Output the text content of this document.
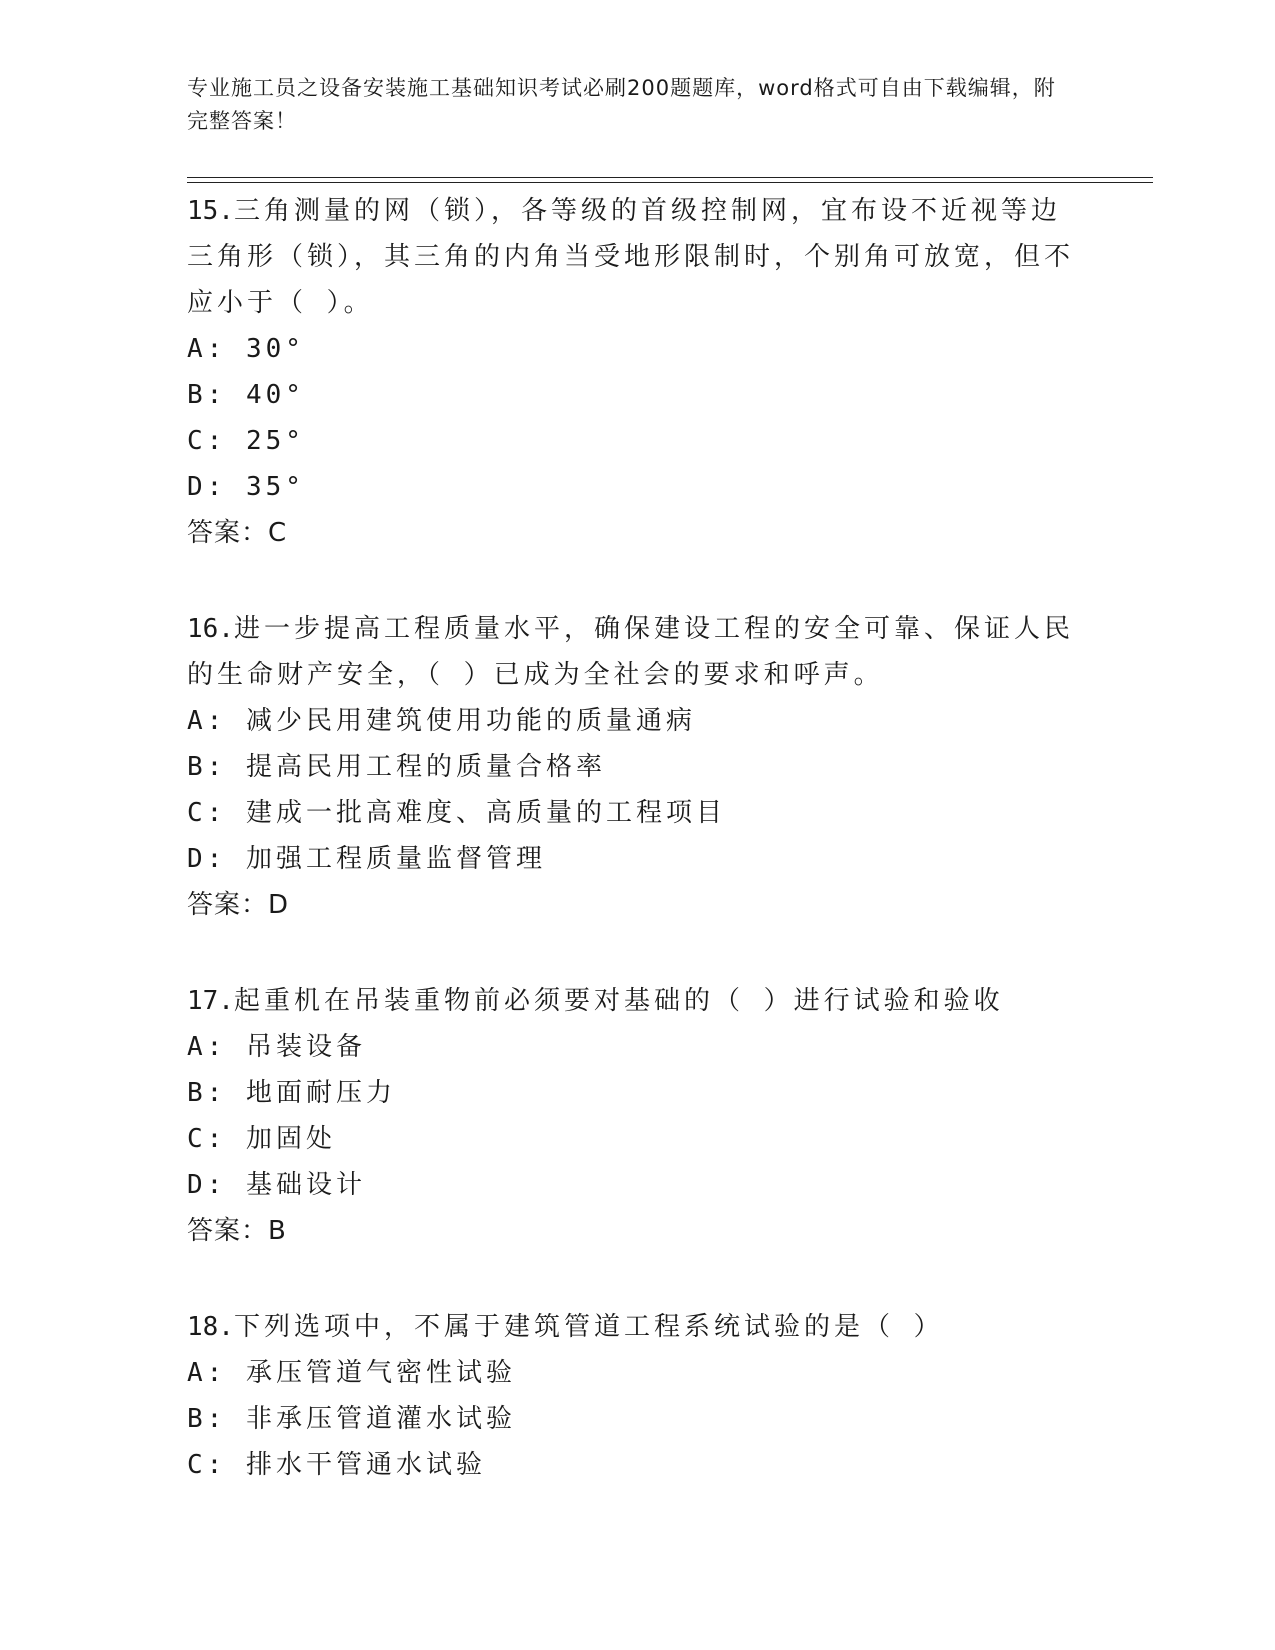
专业施工员之设备安装施工基础知识考试必刷200题题库，word格式可自由下载编辑，附完整答案！
15.三角测量的网（锁），各等级的首级控制网，宜布设不近视等边三角形（锁），其三角的内角当受地形限制时，个别角可放宽，但不应小于（ ）。
A: 30°
B: 40°
C: 25°
D: 35°
答案：C
16.进一步提高工程质量水平，确保建设工程的安全可靠、保证人民的生命财产安全，（ ）已成为全社会的要求和呼声。
A: 减少民用建筑使用功能的质量通病
B: 提高民用工程的质量合格率
C: 建成一批高难度、高质量的工程项目
D: 加强工程质量监督管理
答案：D
17.起重机在吊装重物前必须要对基础的（ ）进行试验和验收
A: 吊装设备
B: 地面耐压力
C: 加固处
D: 基础设计
答案：B
18.下列选项中，不属于建筑管道工程系统试验的是（ ）
A: 承压管道气密性试验
B: 非承压管道灌水试验
C: 排水干管通水试验
